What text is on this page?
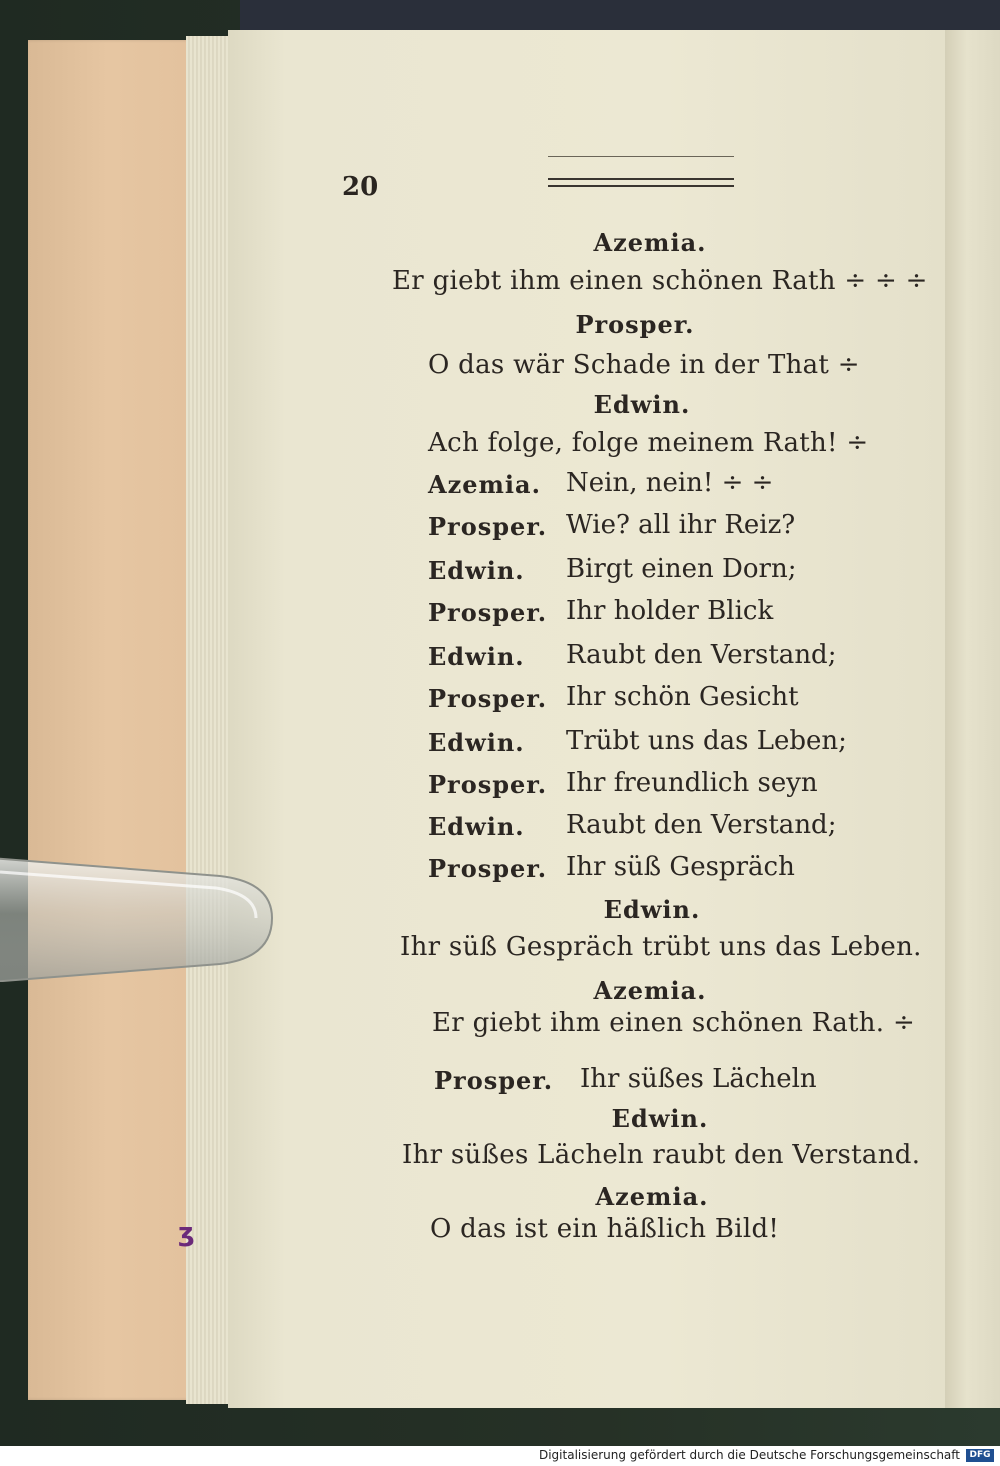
20
Azemia.
Er giebt ihm einen schönen Rath ÷ ÷ ÷
Prosper.
O das wär Schade in der That ÷
Edwin.
Ach folge, folge meinem Rath! ÷
Azemia. Nein, nein! ÷ ÷
Prosper. Wie? all ihr Reiz?
Edwin. Birgt einen Dorn;
Prosper. Ihr holder Blick
Edwin. Raubt den Verstand;
Prosper. Ihr schön Gesicht
Edwin. Trübt uns das Leben;
Prosper. Ihr freundlich seyn
Edwin. Raubt den Verstand;
Prosper. Ihr süß Gespräch
Edwin.
Ihr süß Gespräch trübt uns das Leben.
Azemia.
Er giebt ihm einen schönen Rath. ÷
Prosper. Ihr süßes Lächeln
Edwin.
Ihr süßes Lächeln raubt den Verstand.
Azemia.
O das ist ein häßlich Bild!
ʒ
Digitalisierung gefördert durch die Deutsche Forschungsgemeinschaft	DFG
